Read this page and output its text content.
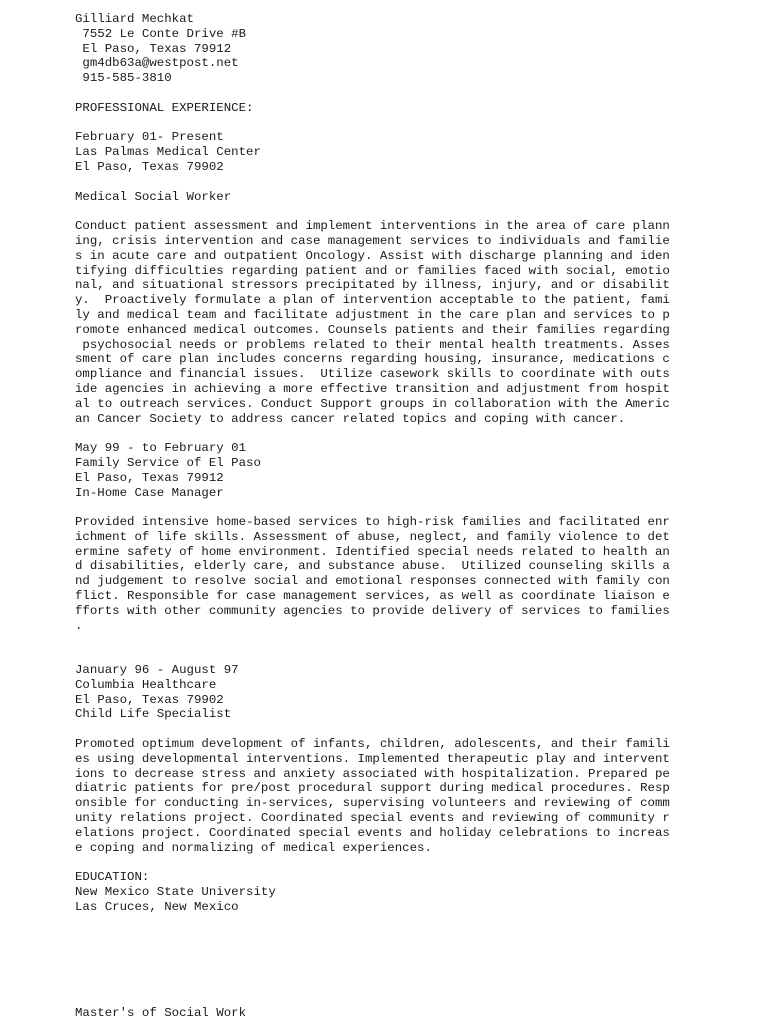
Gilliard Mechkat
7552 Le Conte Drive #B
El Paso, Texas 79912
gm4db63a@westpost.net
915-585-3810
PROFESSIONAL EXPERIENCE:
February 01- Present
Las Palmas Medical Center
El Paso, Texas 79902
Medical Social Worker
Conduct patient assessment and implement interventions in the area of care plann
ing, crisis intervention and case management services to individuals and familie
s in acute care and outpatient Oncology. Assist with discharge planning and iden
tifying difficulties regarding patient and or families faced with social, emotio
nal, and situational stressors precipitated by illness, injury, and or disabilit
y.  Proactively formulate a plan of intervention acceptable to the patient, fami
ly and medical team and facilitate adjustment in the care plan and services to p
romote enhanced medical outcomes. Counsels patients and their families regarding
psychosocial needs or problems related to their mental health treatments. Asses
sment of care plan includes concerns regarding housing, insurance, medications c
ompliance and financial issues.  Utilize casework skills to coordinate with outs
ide agencies in achieving a more effective transition and adjustment from hospit
al to outreach services. Conduct Support groups in collaboration with the Americ
an Cancer Society to address cancer related topics and coping with cancer.
May 99 - to February 01
Family Service of El Paso
El Paso, Texas 79912
In-Home Case Manager
Provided intensive home-based services to high-risk families and facilitated enr
ichment of life skills. Assessment of abuse, neglect, and family violence to det
ermine safety of home environment. Identified special needs related to health an
d disabilities, elderly care, and substance abuse.  Utilized counseling skills a
nd judgement to resolve social and emotional responses connected with family con
flict. Responsible for case management services, as well as coordinate liaison e
fforts with other community agencies to provide delivery of services to families
.
January 96 - August 97
Columbia Healthcare
El Paso, Texas 79902
Child Life Specialist
Promoted optimum development of infants, children, adolescents, and their famili
es using developmental interventions. Implemented therapeutic play and intervent
ions to decrease stress and anxiety associated with hospitalization. Prepared pe
diatric patients for pre/post procedural support during medical procedures. Resp
onsible for conducting in-services, supervising volunteers and reviewing of comm
unity relations project. Coordinated special events and reviewing of community r
elations project. Coordinated special events and holiday celebrations to increas
e coping and normalizing of medical experiences.
EDUCATION:
New Mexico State University
Las Cruces, New Mexico
Master's of Social Work
